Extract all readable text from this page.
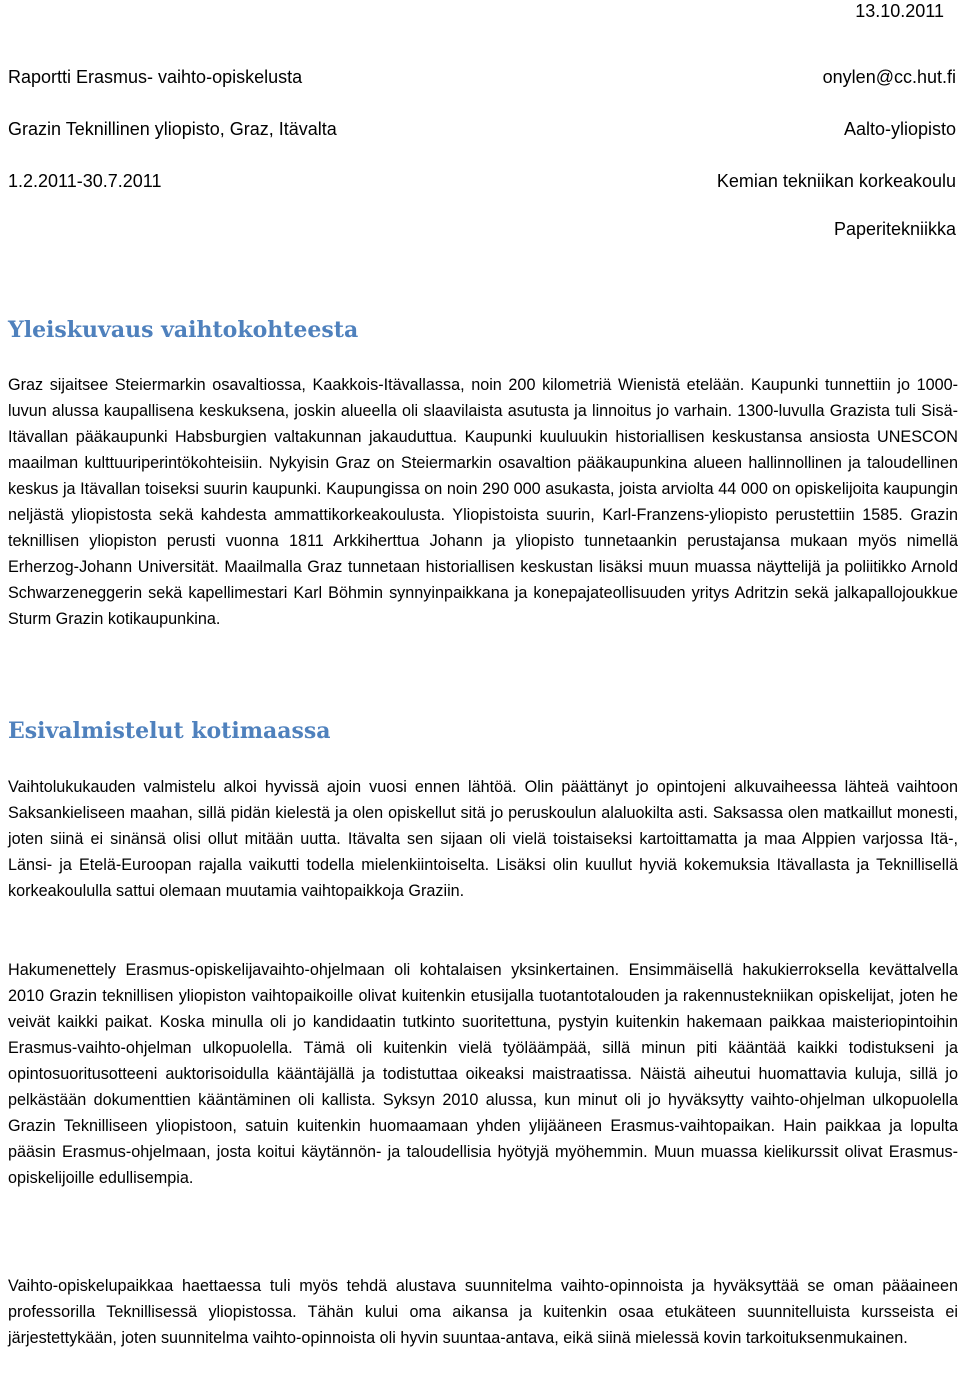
13.10.2011
Raportti Erasmus- vaihto-opiskelusta	onylen@cc.hut.fi
Grazin Teknillinen yliopisto, Graz, Itävalta	Aalto-yliopisto
1.2.2011-30.7.2011	Kemian tekniikan korkeakoulu
Paperitekniikka
Yleiskuvaus vaihtokohteesta

Graz sijaitsee Steiermarkin osavaltiossa, Kaakkois-Itävallassa, noin 200 kilometriä Wienistä etelään. Kaupunki tunnettiin jo 1000-luvun alussa kaupallisena keskuksena, joskin alueella oli slaavilaista asutusta ja linnoitus jo varhain. 1300-luvulla Grazista tuli Sisä-Itävallan pääkaupunki Habsburgien valtakunnan jakauduttua. Kaupunki kuuluukin historiallisen keskustansa ansiosta UNESCON maailman kulttuuriperintökohteisiin. Nykyisin Graz on Steiermarkin osavaltion pääkaupunkina alueen hallinnollinen ja taloudellinen keskus ja Itävallan toiseksi suurin kaupunki. Kaupungissa on noin 290 000 asukasta, joista arviolta 44 000 on opiskelijoita kaupungin neljästä yliopistosta sekä kahdesta ammattikorkeakoulusta. Yliopistoista suurin, Karl-Franzens-yliopisto perustettiin 1585. Grazin teknillisen yliopiston perusti vuonna 1811 Arkkiherttua Johann ja yliopisto tunnetaankin perustajansa mukaan myös nimellä Erherzog-Johann Universität. Maailmalla Graz tunnetaan historiallisen keskustan lisäksi muun muassa näyttelijä ja poliitikko Arnold Schwarzeneggerin sekä kapellimestari Karl Böhmin synnyinpaikkana ja konepajateollisuuden yritys Adritzin sekä jalkapallojoukkue Sturm Grazin kotikaupunkina.

Esivalmistelut kotimaassa

Vaihtolukukauden valmistelu alkoi hyvissä ajoin vuosi ennen lähtöä. Olin päättänyt jo opintojeni alkuvaiheessa lähteä vaihtoon Saksankieliseen maahan, sillä pidän kielestä ja olen opiskellut sitä jo peruskoulun alaluokilta asti. Saksassa olen matkaillut monesti, joten siinä ei sinänsä olisi ollut mitään uutta. Itävalta sen sijaan oli vielä toistaiseksi kartoittamatta ja maa Alppien varjossa Itä-, Länsi- ja Etelä-Euroopan rajalla vaikutti todella mielenkiintoiselta. Lisäksi olin kuullut hyviä kokemuksia Itävallasta ja Teknillisellä korkeakoululla sattui olemaan muutamia vaihtopaikkoja Graziin.

Hakumenettely Erasmus-opiskelijavaihto-ohjelmaan oli kohtalaisen yksinkertainen. Ensimmäisellä hakukierroksella kevättalvella 2010 Grazin teknillisen yliopiston vaihtopaikoille olivat kuitenkin etusijalla tuotantotalouden ja rakennustekniikan opiskelijat, joten he veivät kaikki paikat. Koska minulla oli jo kandidaatin tutkinto suoritettuna, pystyin kuitenkin hakemaan paikkaa maisteriopintoihin Erasmus-vaihto-ohjelman ulkopuolella. Tämä oli kuitenkin vielä työläämpää, sillä minun piti kääntää kaikki todistukseni ja opintosuoritusotteeni auktorisoidulla kääntäjällä ja todistuttaa oikeaksi maistraatissa. Näistä aiheutui huomattavia kuluja, sillä jo pelkästään dokumenttien kääntäminen oli kallista. Syksyn 2010 alussa, kun minut oli jo hyväksytty vaihto-ohjelman ulkopuolella Grazin Teknilliseen yliopistoon, satuin kuitenkin huomaamaan yhden ylijääneen Erasmus-vaihtopaikan. Hain paikkaa ja lopulta pääsin Erasmus-ohjelmaan, josta koitui käytännön- ja taloudellisia hyötyjä myöhemmin. Muun muassa kielikurssit olivat Erasmus-opiskelijoille edullisempia.

Vaihto-opiskelupaikkaa haettaessa tuli myös tehdä alustava suunnitelma vaihto-opinnoista ja hyväksyttää se oman pääaineen professorilla Teknillisessä yliopistossa. Tähän kului oma aikansa ja kuitenkin osaa etukäteen suunnitelluista kursseista ei järjestettykään, joten suunnitelma vaihto-opinnoista oli hyvin suuntaa-antava, eikä siinä mielessä kovin tarkoituksenmukainen.
